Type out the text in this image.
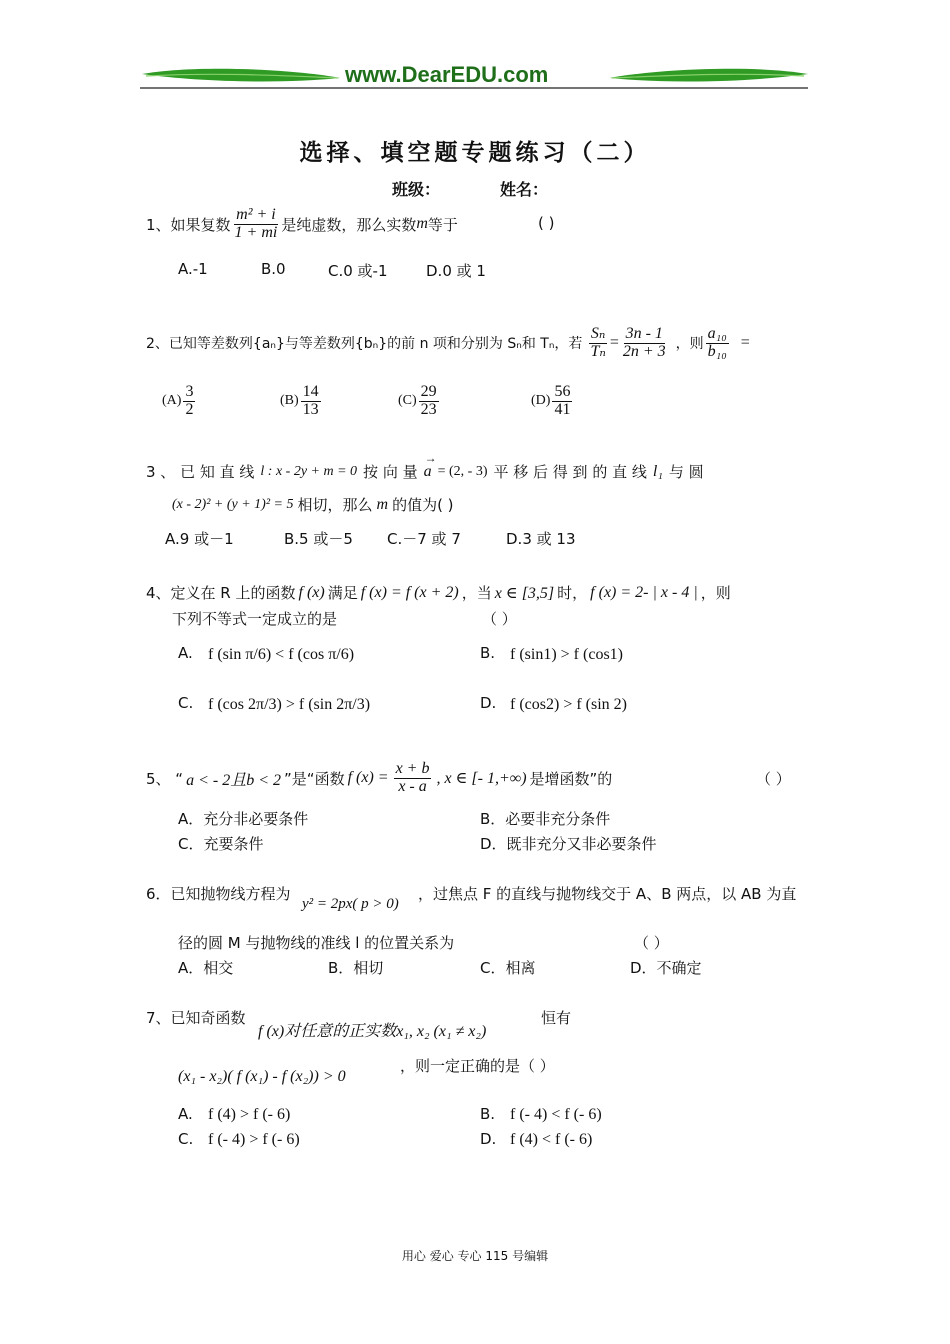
www.DearEDU.com
选择、填空题专题练习（二）
班级：	姓名：
1、如果复数 $\frac{\text{m² + i}}{1 + mi}$ 是纯虚数，那么实数 m 等于	( )
A.-1	B.0	C.0 或-1	D.0 或 1
2、已知等差数列{aₙ}与等差数列{bₙ}的前 n 项和分别为 Sₙ和 Tₙ，若 $\frac{\text{Sₙ}}{\text{Tₙ}} = \frac{3n - 1}{2n + 3}$ ，则 $\frac{\text{a₁₀}}{\text{b₁₀}}$ =
$(A) \frac{3}{2}$	$(B) \frac{14}{13}$	$(C) \frac{29}{23}$	$(D) \frac{56}{41}$
3 、 已 知 直 线 l : x - 2y + m = 0 按 向 量
→
a = (2, - 3) 平 移 后 得 到 的 直 线 l₁ 与 圆
(x - 2)² + (y + 1)² = 5 相切，那么 m 的值为( )
A.9 或－1	B.5 或－5 C.－7 或 7	D.3 或 13
4、定义在 R 上的函数 f (x) 满足 f (x) = f (x + 2) ，当 x ∈ [3,5] 时， f (x) = 2- | x - 4 | ，则
下列不等式一定成立的是	（ ）
A. f (sin π/6) < f (cos π/6)	B. f (sin1) > f (cos1)
C. f (cos 2π/3) > f (sin 2π/3)	D. f (cos2) > f (sin 2)
5、 “ a < - 2且b < 2 ”是“函数 f $(x) = \frac{x + b}{x - a}$ , x ∈ [- 1,+∞) 是增函数”的	（ ）
A．充分非必要条件	B．必要非充分条件
C．充要条件	D．既非充分又非必要条件
6．已知抛物线方程为
y² = 2px( p > 0)
，过焦点 F 的直线与抛物线交于 A、B 两点，以 AB 为直
径的圆 M 与抛物线的准线 l 的位置关系为	（ ）
A．相交	B．相切	C．相离	D．不确定
7、已知奇函数
f (x)对任意的正实数x₁, x₂ (x₁ ≠ x₂)
恒有
(x₁ - x₂)( f (x₁) - f (x₂)) > 0
，则一定正确的是（ ）
A. f (4) > f (- 6)	B. f (- 4) < f (- 6)
C. f (- 4) > f (- 6)	D. f (4) < f (- 6)
用心 爱心 专心 115 号编辑
